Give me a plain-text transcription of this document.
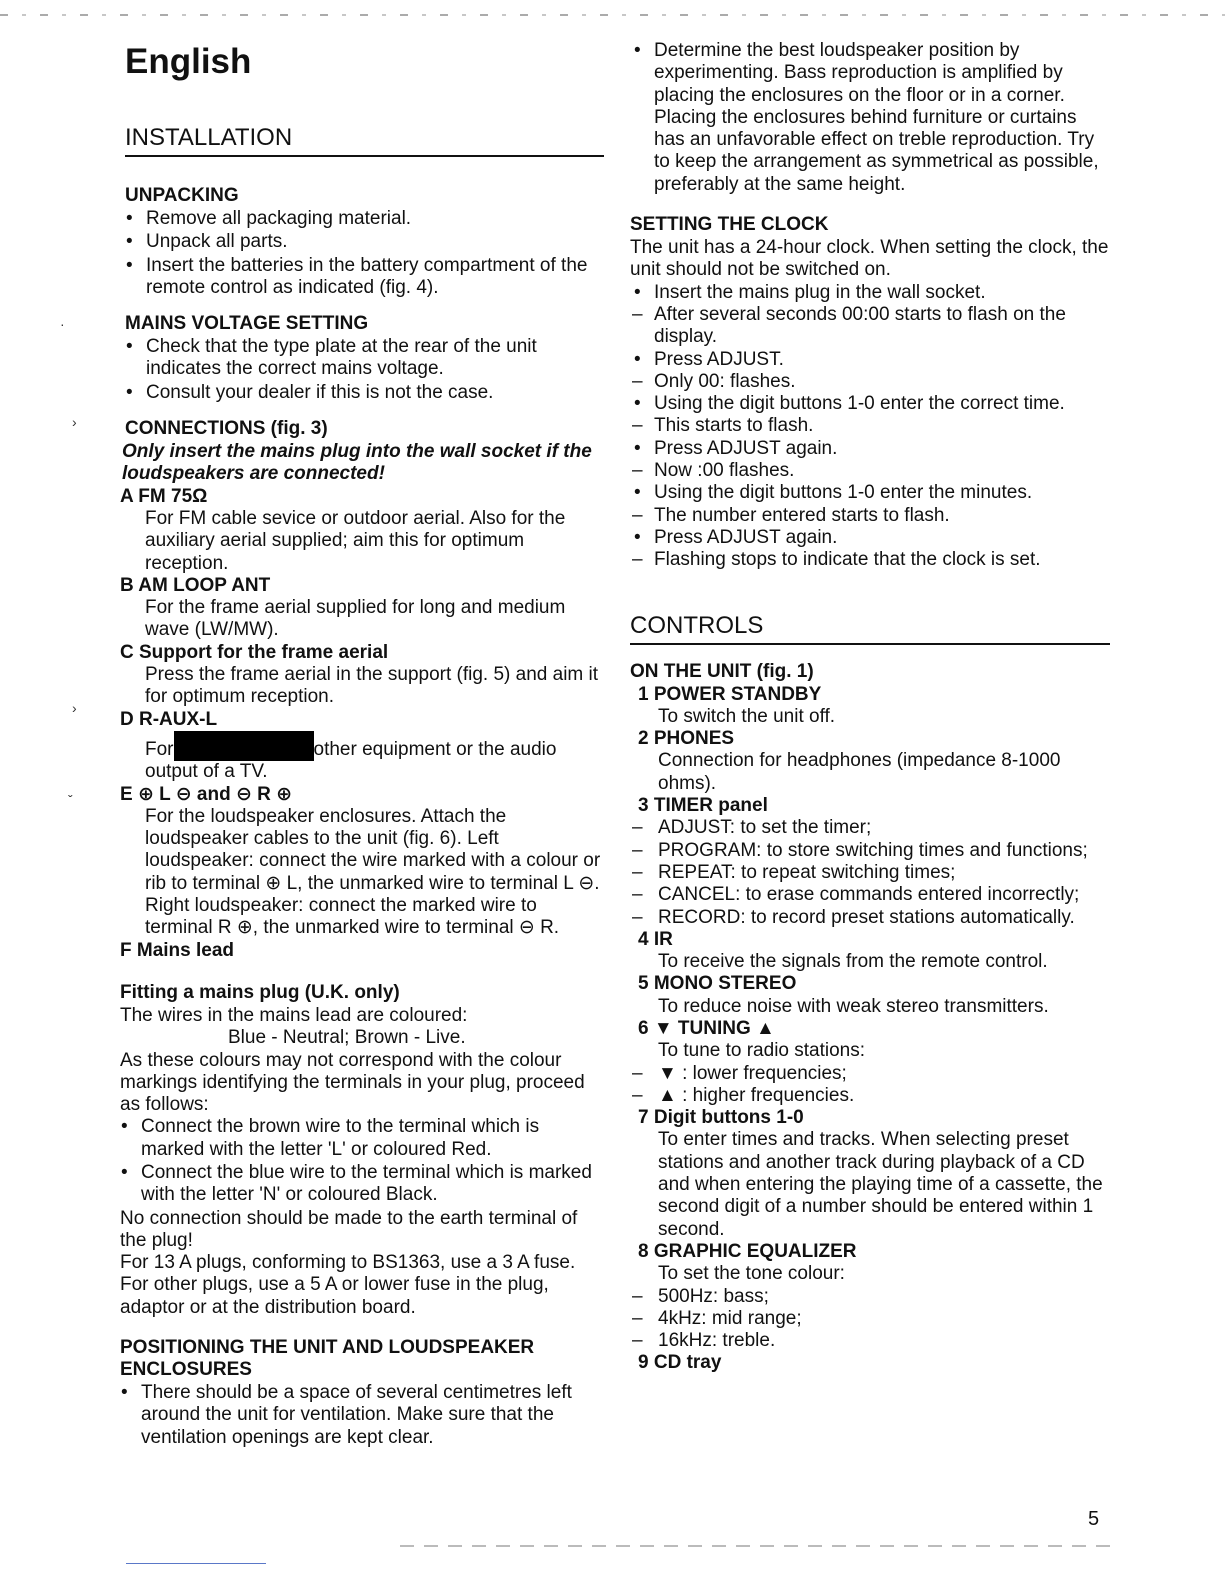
·
›
›
ˇ
English
INSTALLATION
UNPACKING
• Remove all packaging material.
• Unpack all parts.
• Insert the batteries in the battery compartment of the remote control as indicated (fig. 4).
MAINS VOLTAGE SETTING
• Check that the type plate at the rear of the unit indicates the correct mains voltage.
• Consult your dealer if this is not the case.
CONNECTIONS (fig. 3)

Only insert the mains plug into the wall socket if the loudspeakers are connected!

A FM 75Ω

For FM cable sevice or outdoor aerial. Also for the auxiliary aerial supplied; aim this for optimum reception.

B AM LOOP ANT

For the frame aerial supplied for long and medium wave (LW/MW).

C Support for the frame aerial

Press the frame aerial in the support (fig. 5) and aim it for optimum reception.

D R-AUX-L

For	other equipment or the audio output of a TV.

E ⊕ L ⊖ and ⊖ R ⊕

For the loudspeaker enclosures. Attach the loudspeaker cables to the unit (fig. 6). Left loudspeaker: connect the wire marked with a colour or rib to terminal ⊕ L, the unmarked wire to terminal L ⊖. Right loudspeaker: connect the marked wire to terminal R ⊕, the unmarked wire to terminal ⊖ R.

F Mains lead

Fitting a mains plug (U.K. only)

The wires in the mains lead are coloured:

Blue - Neutral; Brown - Live.

As these colours may not correspond with the colour markings identifying the terminals in your plug, proceed as follows:

• Connect the brown wire to the terminal which is marked with the letter 'L' or coloured Red.
• Connect the blue wire to the terminal which is marked with the letter 'N' or coloured Black.

No connection should be made to the earth terminal of the plug!

For 13 A plugs, conforming to BS1363, use a 3 A fuse. For other plugs, use a 5 A or lower fuse in the plug, adaptor or at the distribution board.

POSITIONING THE UNIT AND LOUDSPEAKER ENCLOSURES
• There should be a space of several centimetres left around the unit for ventilation. Make sure that the ventilation openings are kept clear.
• Determine the best loudspeaker position by experimenting. Bass reproduction is amplified by placing the enclosures on the floor or in a corner. Placing the enclosures behind furniture or curtains has an unfavorable effect on treble reproduction. Try to keep the arrangement as symmetrical as possible, preferably at the same height.
SETTING THE CLOCK

The unit has a 24-hour clock. When setting the clock, the unit should not be switched on.

• Insert the mains plug in the wall socket.
– After several seconds 00:00 starts to flash on the display.
• Press ADJUST.
– Only 00: flashes.
• Using the digit buttons 1-0 enter the correct time.
– This starts to flash.
• Press ADJUST again.
– Now :00 flashes.
• Using the digit buttons 1-0 enter the minutes.
– The number entered starts to flash.
• Press ADJUST again.
– Flashing stops to indicate that the clock is set.
CONTROLS
ON THE UNIT (fig. 1)

1 POWER STANDBY

To switch the unit off.

2 PHONES

Connection for headphones (impedance 8-1000 ohms).

3 TIMER panel

– ADJUST: to set the timer;
– PROGRAM: to store switching times and functions;
– REPEAT: to repeat switching times;
– CANCEL: to erase commands entered incorrectly;
– RECORD: to record preset stations automatically.

4 IR

To receive the signals from the remote control.

5 MONO STEREO

To reduce noise with weak stereo transmitters.

6 ▼ TUNING ▲

To tune to radio stations:

– ▼ : lower frequencies;
– ▲ : higher frequencies.

7 Digit buttons 1-0

To enter times and tracks. When selecting preset stations and another track during playback of a CD and when entering the playing time of a cassette, the second digit of a number should be entered within 1 second.

8 GRAPHIC EQUALIZER

To set the tone colour:

– 500Hz: bass;
– 4kHz: mid range;
– 16kHz: treble.

9 CD tray

5
